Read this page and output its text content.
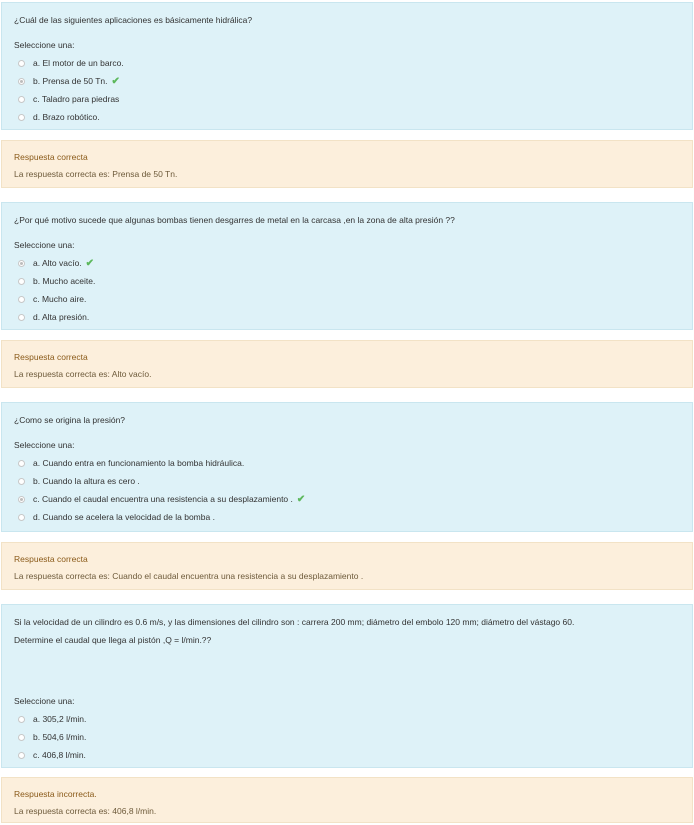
¿Cuál de las siguientes aplicaciones es básicamente hidrálica?
Seleccione una:
a. El motor de un barco.
b. Prensa de 50 Tn. ✔
c. Taladro para piedras
d. Brazo robótico.
Respuesta correcta
La respuesta correcta es: Prensa de 50 Tn.
¿Por qué motivo sucede que algunas bombas tienen desgarres de metal en la carcasa ,en la zona de alta presión ??
Seleccione una:
a. Alto vacío. ✔
b. Mucho aceite.
c. Mucho aire.
d. Alta presión.
Respuesta correcta
La respuesta correcta es: Alto vacío.
¿Como se origina la presión?
Seleccione una:
a. Cuando entra en funcionamiento la bomba hidráulica.
b. Cuando la altura es cero .
c. Cuando el caudal encuentra una resistencia a su desplazamiento . ✔
d. Cuando se acelera la velocidad de la bomba .
Respuesta correcta
La respuesta correcta es: Cuando el caudal encuentra una resistencia a su desplazamiento .
Si la velocidad de un cilindro es 0.6 m/s, y las dimensiones del cilindro son : carrera 200 mm; diámetro del embolo 120 mm; diámetro del vástago 60.
Determine el caudal que llega al pistón ,Q = l/min.??
Seleccione una:
a. 305,2 l/min.
b. 504,6 l/min.
c. 406,8 l/min.
Respuesta incorrecta.
La respuesta correcta es: 406,8 l/min.
